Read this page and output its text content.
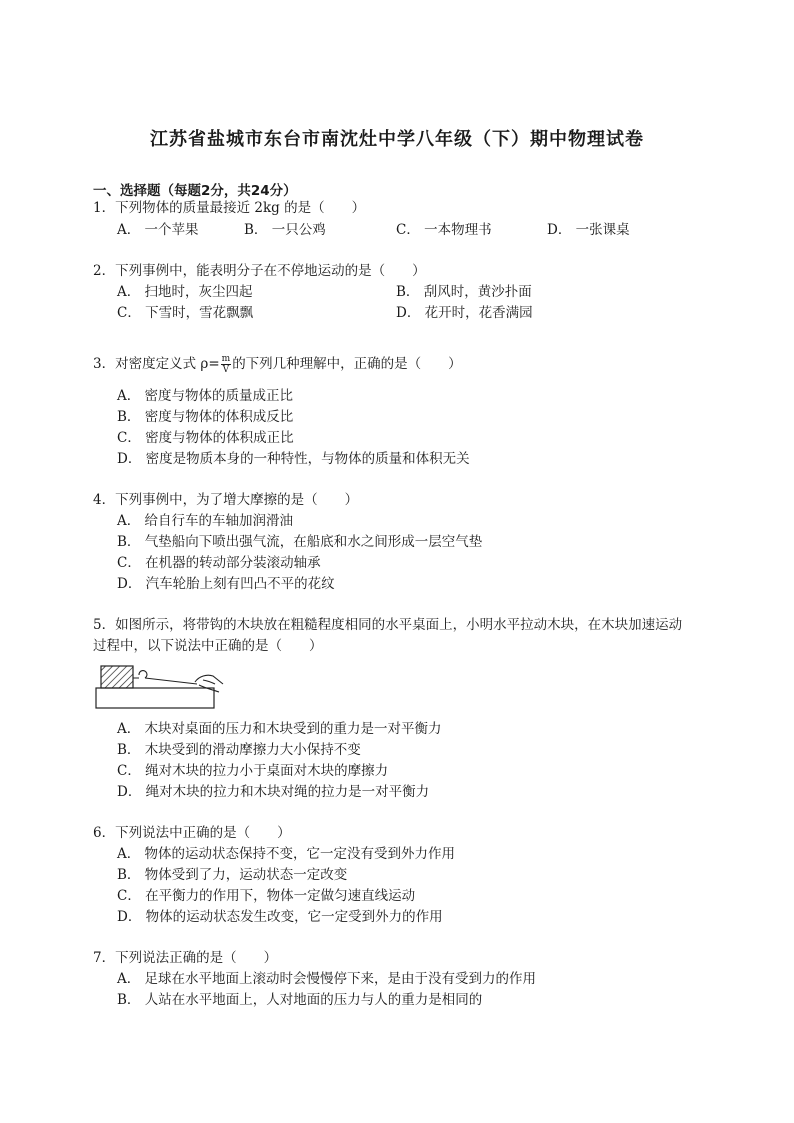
江苏省盐城市东台市南沈灶中学八年级（下）期中物理试卷
一、选择题（每题2分，共24分）
1．下列物体的质量最接近 2kg 的是（　　）
A． 一个苹果	B． 一只公鸡	C． 一本物理书	D． 一张课桌
2．下列事例中，能表明分子在不停地运动的是（　　）
A． 扫地时，灰尘四起	B． 刮风时，黄沙扑面
C． 下雪时，雪花飘飘	D． 花开时，花香满园
3．对密度定义式 $\rho= \frac{m}{V}$ 的下列几种理解中，正确的是（　　）
A． 密度与物体的质量成正比
B． 密度与物体的体积成反比
C． 密度与物体的体积成正比
D． 密度是物质本身的一种特性，与物体的质量和体积无关
4．下列事例中，为了增大摩擦的是（　　）
A． 给自行车的车轴加润滑油
B． 气垫船向下喷出强气流，在船底和水之间形成一层空气垫
C． 在机器的转动部分装滚动轴承
D． 汽车轮胎上刻有凹凸不平的花纹
5．如图所示，将带钩的木块放在粗糙程度相同的水平桌面上，小明水平拉动木块，在木块加速运动
过程中，以下说法中正确的是（　　）
A． 木块对桌面的压力和木块受到的重力是一对平衡力
B． 木块受到的滑动摩擦力大小保持不变
C． 绳对木块的拉力小于桌面对木块的摩擦力
D． 绳对木块的拉力和木块对绳的拉力是一对平衡力
6．下列说法中正确的是（　　）
A． 物体的运动状态保持不变，它一定没有受到外力作用
B． 物体受到了力，运动状态一定改变
C． 在平衡力的作用下，物体一定做匀速直线运动
D． 物体的运动状态发生改变，它一定受到外力的作用
7．下列说法正确的是（　　）
A． 足球在水平地面上滚动时会慢慢停下来，是由于没有受到力的作用
B． 人站在水平地面上，人对地面的压力与人的重力是相同的
